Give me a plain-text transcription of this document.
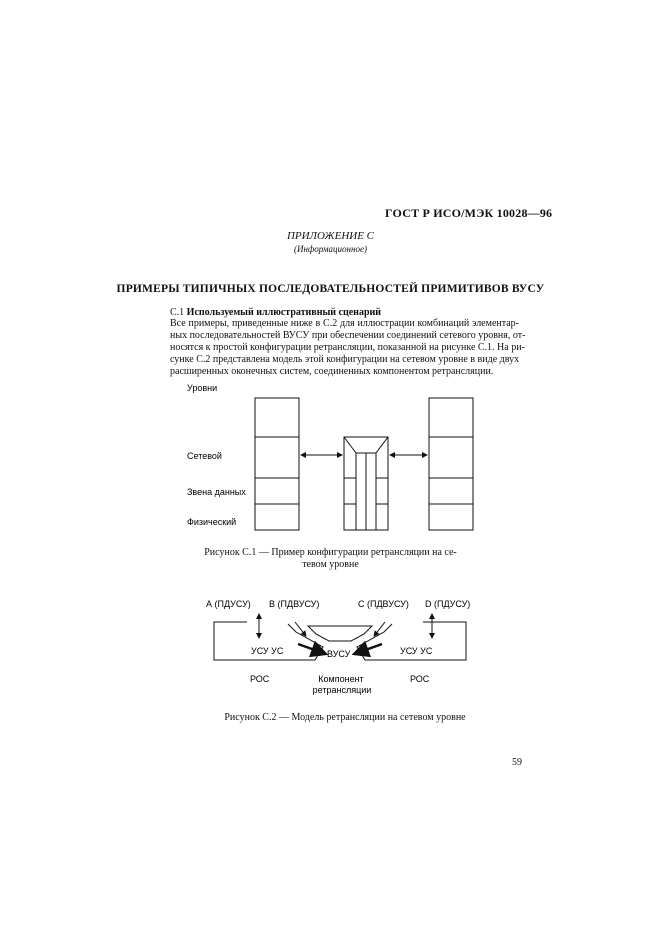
ГОСТ Р ИСО/МЭК 10028—96
ПРИЛОЖЕНИЕ С
(Информационное)
ПРИМЕРЫ ТИПИЧНЫХ ПОСЛЕДОВАТЕЛЬНОСТЕЙ ПРИМИТИВОВ ВУСУ
С.1 Используемый иллюстративный сценарий
Все примеры, приведенные ниже в С.2 для иллюстрации комбинаций элементар-
ных последовательностей ВУСУ при обеспечении соединений сетевого уровня, от-
носятся к простой конфигурации ретрансляции, показанной на рисунке С.1. На ри-
сунке С.2 представлена модель этой конфигурации на сетевом уровне в виде двух
расширенных оконечных систем, соединенных компонентом ретрансляции.
Уровни
Сетевой
Звена данных
Физический
Рисунок С.1 — Пример конфигурации ретрансляции на се-
тевом уровне
А (ПДУСУ) В (ПДВУСУ)	С (ПДВУСУ) D (ПДУСУ)
УСУ УС	ВУСУ	УСУ УС
РОС	Компонент
ретрансляции
РОС
Рисунок С.2 — Модель ретрансляции на сетевом уровне
59
